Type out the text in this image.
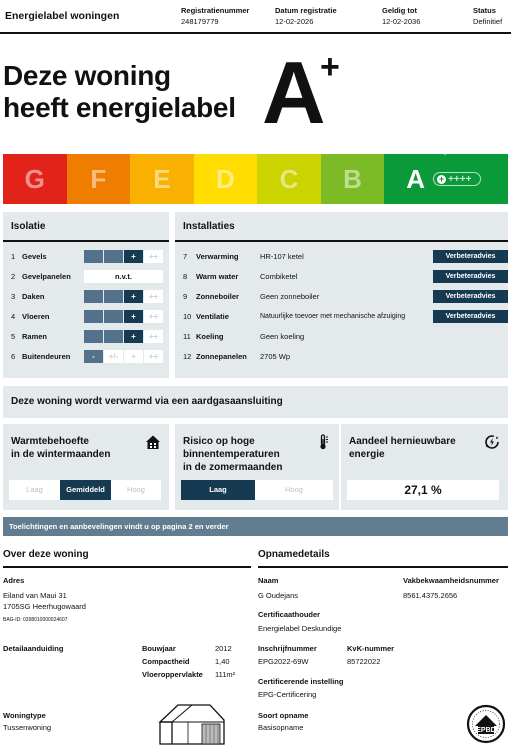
Energielabel woningen	Registratienummer
248179779
Datum registratie
12-02-2026
Geldig tot
12-02-2036
Status
Definitief
Deze woning
heeft energielabel A
+
G F E D C B A + ++++
Isolatie
1 Gevels	+	++
2 Gevelpanelen	n.v.t.
3 Daken	+	++
4 Vloeren	+	++
5 Ramen	+	++
6 Buitendeuren	-	+/-	+	++
Installaties
7	Verwarming	HR-107 ketel	Verbeteradvies
8	Warm water	Combiketel	Verbeteradvies
9	Zonneboiler	Geen zonneboiler	Verbeteradvies
10 Ventilatie	Natuurlijke toevoer met mechanische afzuiging	Verbeteradvies
11 Koeling	Geen koeling
12 Zonnepanelen	2705 Wp
Deze woning wordt verwarmd via een aardgasaansluiting
Warmtebehoefte
in de wintermaanden
Laag	Gemiddeld	Hoog
Risico op hoge
binnentemperaturen
in de zomermaanden
Laag	Hoog
Aandeel hernieuwbare
energie
27,1 %
Toelichtingen en aanbevelingen vindt u op pagina 2 en verder
Over deze woning
Adres
Eiland van Maui 31
1705SG Heerhugowaard
BAG-ID: 0398010000024607
Detailaanduiding	Bouwjaar	2012
Compactheid	1,40
Vloeroppervlakte 111m²
Woningtype
Tussenwoning
Opnamedetails
Naam
G Oudejans
Vakbekwaamheidsnummer
8561.4375.2656
Certificaathouder
Energielabel Deskundige
Inschrijfnummer
EPG2022-69W
KvK-nummer
85722022
Certificerende instelling
EPG-Certificering
Soort opname
Basisopname	EPBD
